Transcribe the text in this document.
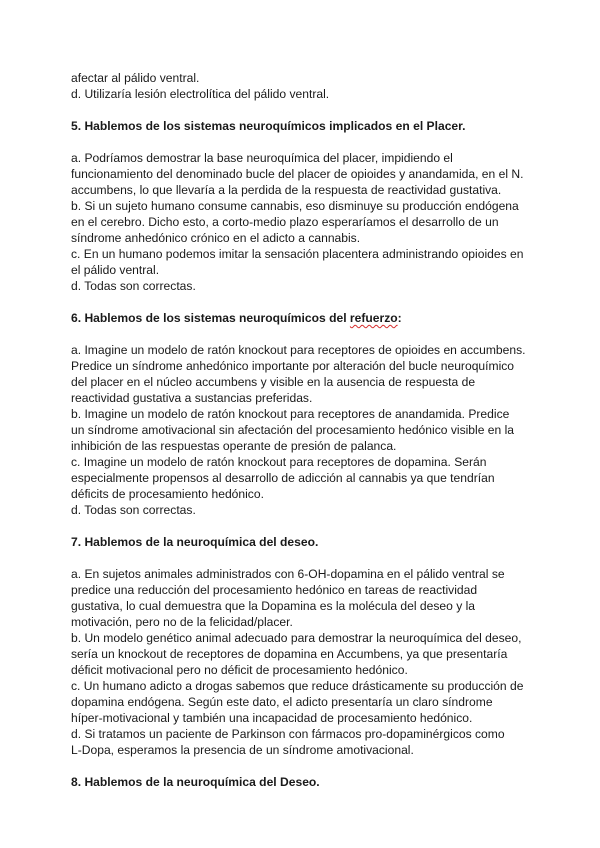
afectar al pálido ventral.
d. Utilizaría lesión electrolítica del pálido ventral.
5. Hablemos de los sistemas neuroquímicos implicados en el Placer.
a. Podríamos demostrar la base neuroquímica del placer, impidiendo el
funcionamiento del denominado bucle del placer de opioides y anandamida, en el N.
accumbens, lo que llevaría a la perdida de la respuesta de reactividad gustativa.
b. Si un sujeto humano consume cannabis, eso disminuye su producción endógena
en el cerebro. Dicho esto, a corto-medio plazo esperaríamos el desarrollo de un
síndrome anhedónico crónico en el adicto a cannabis.
c. En un humano podemos imitar la sensación placentera administrando opioides en
el pálido ventral.
d. Todas son correctas.
6. Hablemos de los sistemas neuroquímicos del refuerzo:
a. Imagine un modelo de ratón knockout para receptores de opioides en accumbens.
Predice un síndrome anhedónico importante por alteración del bucle neuroquímico
del placer en el núcleo accumbens y visible en la ausencia de respuesta de
reactividad gustativa a sustancias preferidas.
b. Imagine un modelo de ratón knockout para receptores de anandamida. Predice
un síndrome amotivacional sin afectación del procesamiento hedónico visible en la
inhibición de las respuestas operante de presión de palanca.
c. Imagine un modelo de ratón knockout para receptores de dopamina. Serán
especialmente propensos al desarrollo de adicción al cannabis ya que tendrían
déficits de procesamiento hedónico.
d. Todas son correctas.
7. Hablemos de la neuroquímica del deseo.
a. En sujetos animales administrados con 6-OH-dopamina en el pálido ventral se
predice una reducción del procesamiento hedónico en tareas de reactividad
gustativa, lo cual demuestra que la Dopamina es la molécula del deseo y la
motivación, pero no de la felicidad/placer.
b. Un modelo genético animal adecuado para demostrar la neuroquímica del deseo,
sería un knockout de receptores de dopamina en Accumbens, ya que presentaría
déficit motivacional pero no déficit de procesamiento hedónico.
c. Un humano adicto a drogas sabemos que reduce drásticamente su producción de
dopamina endógena. Según este dato, el adicto presentaría un claro síndrome
híper-motivacional y también una incapacidad de procesamiento hedónico.
d. Si tratamos un paciente de Parkinson con fármacos pro-dopaminérgicos como
L-Dopa, esperamos la presencia de un síndrome amotivacional.
8. Hablemos de la neuroquímica del Deseo.
